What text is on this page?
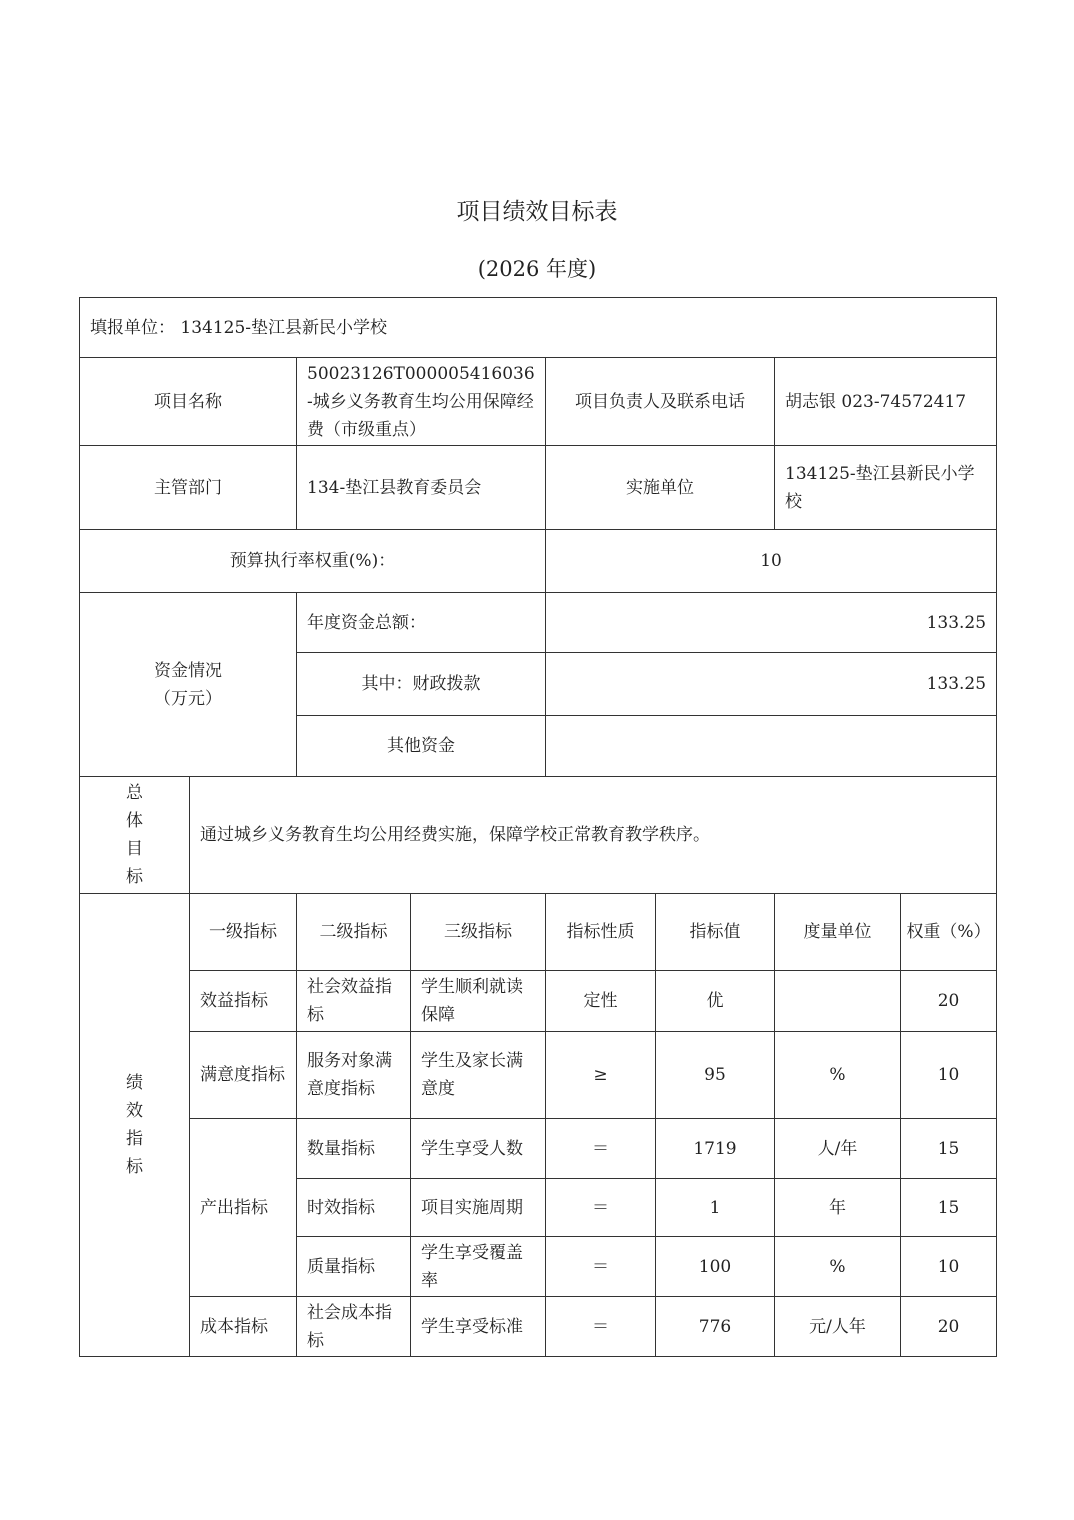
项目绩效目标表
(2026 年度)
填报单位： 134125-垫江县新民小学校							
项目名称		50023126T000005416036-城乡义务教育生均公用保障经费（市级重点）		项目负责人及联系电话		胡志银 023-74572417	
主管部门		134-垫江县教育委员会		实施单位		134125-垫江县新民小学校	
预算执行率权重(%)：				10			

资金情况
（万元）		年度资金总额：		133.25			
		其中：财政拨款		133.25			
		其他资金					

总
体
目
标	通过城乡义务教育生均公用经费实施，保障学校正常教育教学秩序。						

绩
效
指
标	一级指标	二级指标	三级指标	指标性质	指标值	度量单位	权重（%）
	效益指标	社会效益指标	学生顺利就读保障	定性	优		20
	满意度指标	服务对象满意度指标	学生及家长满意度	≥	95	%	10
	产出指标	数量指标	学生享受人数	＝	1719	人/年	15
		时效指标	项目实施周期	＝	1	年	15
		质量指标	学生享受覆盖率	＝	100	%	10
	成本指标	社会成本指标	学生享受标准	＝	776	元/人年	20
